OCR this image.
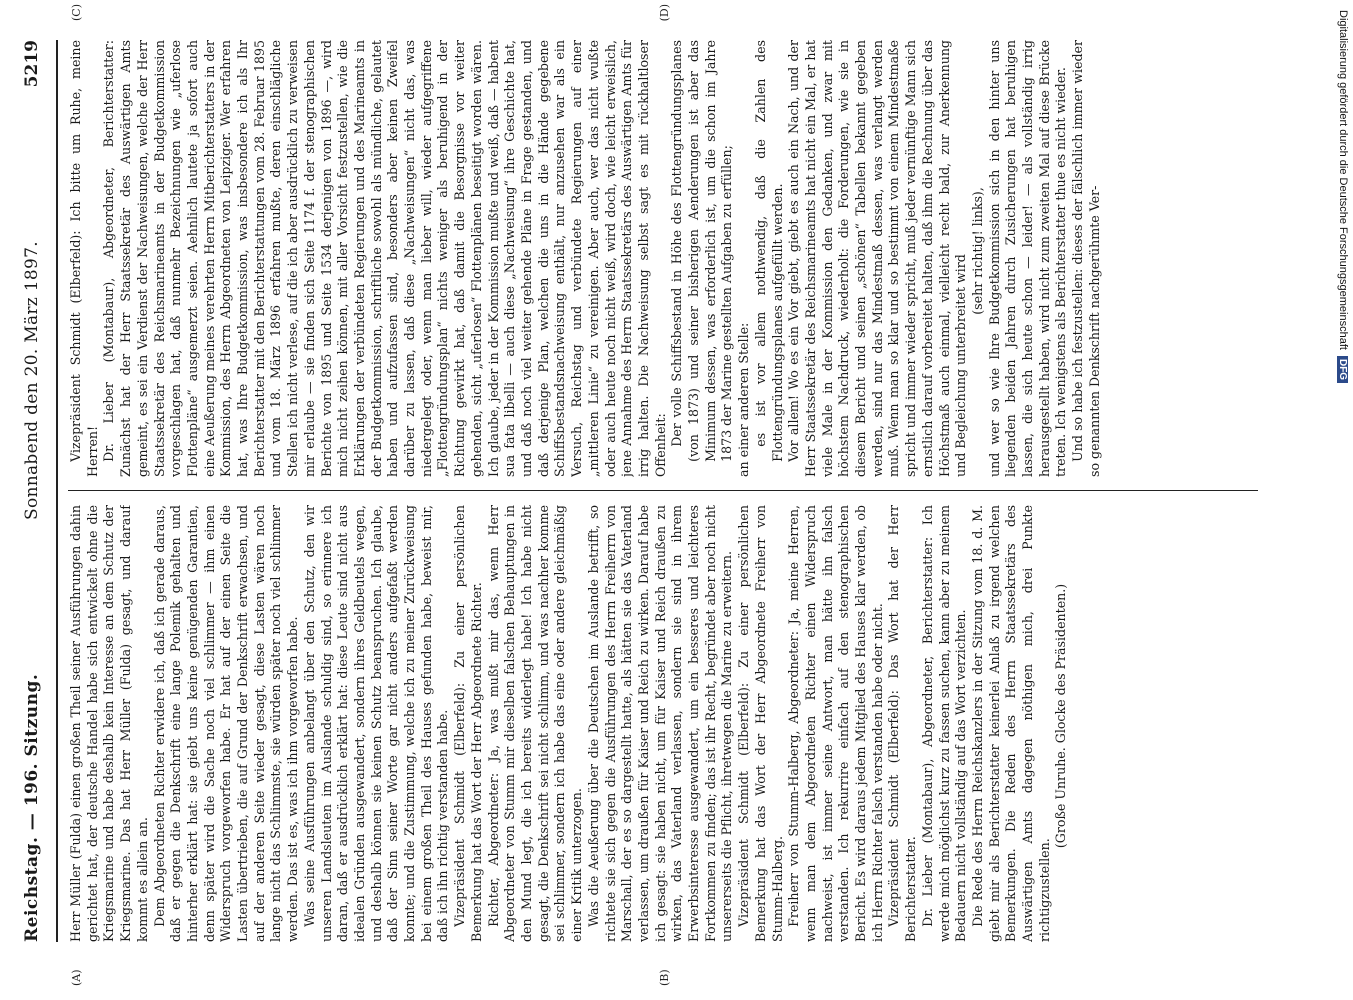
Reichstag. — 196. Sitzung.
Sonnabend den 20. März 1897.
5219
(A)	(B)
(C)	(D)

Herr Müller (Fulda) einen großen Theil seiner Ausführungen dahin gerichtet hat, der deutsche Handel habe sich entwickelt ohne die Kriegsmarine und habe deshalb kein Interesse an dem Schutz der Kriegsmarine. Das hat Herr Müller (Fulda) gesagt, und darauf kommt es allein an. Dem Abgeordneten Richter erwidere ich, daß ich gerade daraus, daß er gegen die Denkschrift eine lange Polemik gehalten und hinterher erklärt hat: sie giebt uns keine genügenden Garantien, denn später wird die Sache noch viel schlimmer — ihm einen Widerspruch vorgeworfen habe. Er hat auf der einen Seite die Lasten übertrieben, die auf Grund der Denkschrift erwachsen, und auf der anderen Seite wieder gesagt, diese Lasten wären noch lange nicht das Schlimmste, sie würden später noch viel schlimmer werden. Das ist es, was ich ihm vorgeworfen habe. Was seine Ausführungen anbelangt über den Schutz, den wir unseren Landsleuten im Auslande schuldig sind, so erinnere ich daran, daß er ausdrücklich erklärt hat: diese Leute sind nicht aus idealen Gründen ausgewandert, sondern ihres Geldbeutels wegen, und deshalb können sie keinen Schutz beanspruchen. Ich glaube, daß der Sinn seiner Worte gar nicht anders aufgefaßt werden konnte; und die Zustimmung, welche ich zu meiner Zurückweisung bei einem großen Theil des Hauses gefunden habe, beweist mir, daß ich ihn richtig verstanden habe. Vizepräsident Schmidt (Elberfeld): Zu einer persönlichen Bemerkung hat das Wort der Herr Abgeordnete Richter. Richter, Abgeordneter: Ja, was mußt mir das, wenn Herr Abgeordneter von Stumm mir dieselben falschen Behauptungen in den Mund legt, die ich bereits widerlegt habe! Ich habe nicht gesagt, die Denkschrift sei nicht schlimm, und was nachher komme sei schlimmer, sondern ich habe das eine oder andere gleichmäßig einer Kritik unterzogen. Was die Aeußerung über die Deutschen im Auslande betrifft, so richtete sie sich gegen die Ausführungen des Herrn Freiherrn von Marschall, der es so dargestellt hatte, als hätten sie das Vaterland verlassen, um draußen für Kaiser und Reich zu wirken. Darauf habe ich gesagt: sie haben nicht, um für Kaiser und Reich draußen zu wirken, das Vaterland verlassen, sondern sie sind in ihrem Erwerbsinteresse ausgewandert, um ein besseres und leichteres Fortkommen zu finden; das ist ihr Recht, begründet aber noch nicht unsererseits die Pflicht, ihretwegen die Marine zu erweitern. Vizepräsident Schmidt (Elberfeld): Zu einer persönlichen Bemerkung hat das Wort der Herr Abgeordnete Freiherr von Stumm-Halberg. Freiherr von Stumm-Halberg, Abgeordneter: Ja, meine Herren, wenn man dem Abgeordneten Richter einen Widerspruch nachweist, ist immer seine Antwort, man hätte ihn falsch verstanden. Ich rekurrire einfach auf den stenographischen Bericht. Es wird daraus jedem Mitglied des Hauses klar werden, ob ich Herrn Richter falsch verstanden habe oder nicht. Vizepräsident Schmidt (Elberfeld): Das Wort hat der Herr Berichterstatter. Dr. Lieber (Montabaur), Abgeordneter, Berichterstatter: Ich werde mich möglichst kurz zu fassen suchen, kann aber zu meinem Bedauern nicht vollständig auf das Wort verzichten. Die Rede des Herrn Reichskanzlers in der Sitzung vom 18. d. M. giebt mir als Berichterstatter keinerlei Anlaß zu irgend welchen Bemerkungen. Die Reden des Herrn Staatssekretärs des Auswärtigen Amts dagegen nöthigen mich, drei Punkte richtigzustellen.

(Große Unruhe. Glocke des Präsidenten.)

Vizepräsident Schmidt (Elberfeld): Ich bitte um Ruhe, meine Herren! Dr. Lieber (Montabaur), Abgeordneter, Berichterstatter: Zunächst hat der Herr Staatssekretär des Auswärtigen Amts gemeint, es sei ein Verdienst der Nachweisungen, welche der Herr Staatssekretär des Reichsmarineamts in der Budgetkommission vorgeschlagen hat, daß nunmehr Bezeichnungen wie „uferlose Flottenpläne“ ausgemerzt seien. Aehnlich lautete ja sofort auch eine Aeußerung meines verehrten Herrn Mitberichterstatters in der Kommission, des Herrn Abgeordneten von Leipziger. Wer erfahren hat, was Ihre Budgetkommission, was insbesondere ich als Ihr Berichterstatter mit den Berichterstattungen vom 28. Februar 1895 und vom 18. März 1896 erfahren mußte, deren einschlägliche Stellen ich nicht verlese, auf die ich aber ausdrücklich zu verweisen mir erlaube — sie finden sich Seite 1174 f. der stenographischen Berichte von 1895 und Seite 1534 derjenigen von 1896 —, wird mich nicht zeihen können, mit aller Vorsicht festzustellen, wie die Erklärungen der verbündeten Regierungen und des Marineamts in der Budgetkommission, schriftliche sowohl als mündliche, gelautet haben und aufzufassen sind, besonders aber keinen Zweifel darüber zu lassen, daß diese „Nachweisungen“ nicht das, was niedergelegt oder, wenn man lieber will, wieder aufgegriffene „Flottengründungsplan“ nichts weniger als beruhigend in der Richtung gewirkt hat, daß damit die Besorgnisse vor weiter gehenden, sicht „uferlosen“ Flottenplänen beseitigt worden wären. Ich glaube, jeder in der Kommission mußte und weiß, daß — habent sua fata libelli — auch diese „Nachweisung“ ihre Geschichte hat, und daß noch viel weiter gehende Pläne in Frage gestanden, und daß derjenige Plan, welchen die uns in die Hände gegebene Schiffsbestandsnachweisung enthält, nur anzusehen war als ein Versuch, Reichstag und verbündete Regierungen auf einer „mittleren Linie“ zu vereinigen. Aber auch, wer das nicht wußte oder auch heute noch nicht weiß, wird doch, wie leicht erweislich, jene Annahme des Herrn Staatssekretärs des Auswärtigen Amts für irrig halten. Die Nachweisung selbst sagt es mit rückhaltloser Offenheit: Der volle Schiffsbestand in Höhe des Flottengründungsplanes (von 1873) und seiner bisherigen Aenderungen ist aber das Minimum dessen, was erforderlich ist, um die schon im Jahre 1873 der Marine gestellten Aufgaben zu erfüllen; an einer anderen Stelle: es ist vor allem nothwendig, daß die Zahlen des Flottengründungsplanes aufgefüllt werden. Vor allem! Wo es ein Vor giebt, giebt es auch ein Nach, und der Herr Staatssekretär des Reichsmarineamts hat nicht ein Mal, er hat viele Male in der Kommission den Gedanken, und zwar mit höchstem Nachdruck, wiederholt: die Forderungen, wie sie in diesem Bericht und seinen „schönen“ Tabellen bekannt gegeben werden, sind nur das Mindestmaß dessen, was verlangt werden muß. Wenn man so klar und so bestimmt von einem Mindestmaße spricht und immer wieder spricht, muß jeder vernünftige Mann sich ernstlich darauf vorbereitet halten, daß ihm die Rechnung über das Höchstmaß auch einmal, vielleicht recht bald, zur Anerkennung und Begleichung unterbreitet wird

(sehr richtig! links), und wer so wie Ihre Budgetkommission sich in den hinter uns liegenden beiden Jahren durch Zusicherungen hat beruhigen lassen, die sich heute schon — leider! — als vollständig irrig herausgestellt haben, wird nicht zum zweiten Mal auf diese Brücke treten. Ich wenigstens als Berichterstatter thue es nicht wieder. Und so habe ich festzustellen: dieses der fälschlich immer wieder so genannten Denkschrift nachgerühmte Ver-	Digitalisierung gefördert durch die Deutsche Forschungsgemeinschaft
DFG
